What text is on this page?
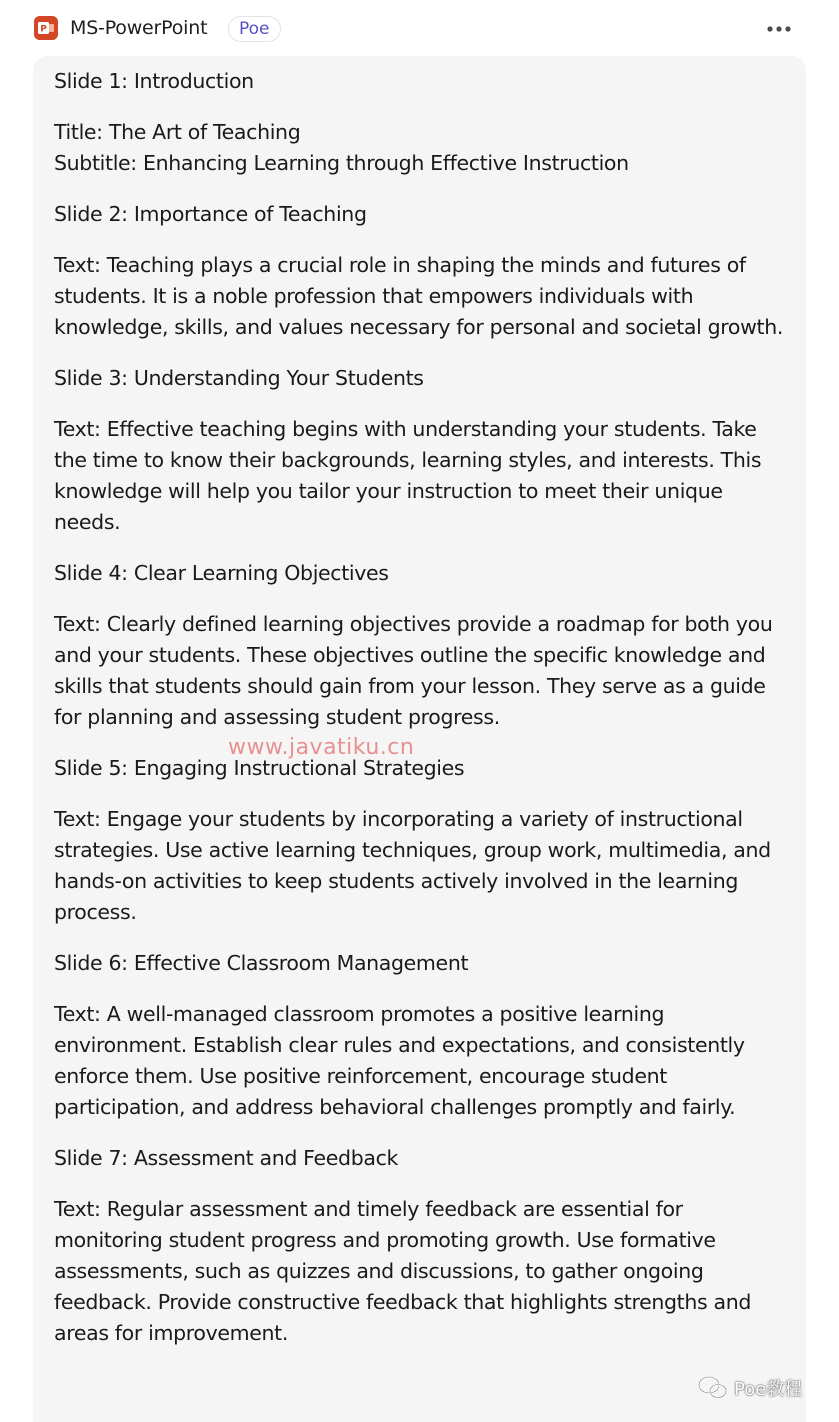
P MS-PowerPoint	Poe

Slide 1: Introduction

Title: The Art of Teaching
Subtitle: Enhancing Learning through Effective Instruction

Slide 2: Importance of Teaching

Text: Teaching plays a crucial role in shaping the minds and futures of students. It is a noble profession that empowers individuals with knowledge, skills, and values necessary for personal and societal growth.

Slide 3: Understanding Your Students

Text: Effective teaching begins with understanding your students. Take the time to know their backgrounds, learning styles, and interests. This knowledge will help you tailor your instruction to meet their unique needs.

Slide 4: Clear Learning Objectives

Text: Clearly defined learning objectives provide a roadmap for both you and your students. These objectives outline the specific knowledge and skills that students should gain from your lesson. They serve as a guide for planning and assessing student progress.

Slide 5: Engaging Instructional Strategies

Text: Engage your students by incorporating a variety of instructional strategies. Use active learning techniques, group work, multimedia, and hands-on activities to keep students actively involved in the learning process.

Slide 6: Effective Classroom Management

Text: A well-managed classroom promotes a positive learning environment. Establish clear rules and expectations, and consistently enforce them. Use positive reinforcement, encourage student participation, and address behavioral challenges promptly and fairly.

Slide 7: Assessment and Feedback

Text: Regular assessment and timely feedback are essential for monitoring student progress and promoting growth. Use formative assessments, such as quizzes and discussions, to gather ongoing feedback. Provide constructive feedback that highlights strengths and areas for improvement.

www.javatiku.cn
Poe教程
